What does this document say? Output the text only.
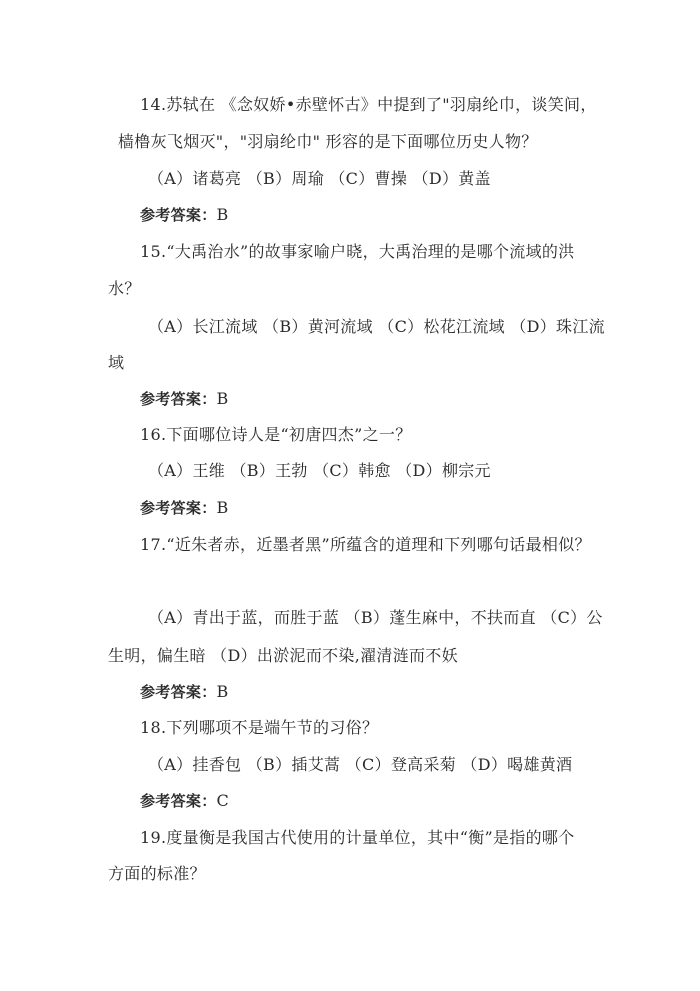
14.苏轼在 《念奴娇•赤壁怀古》中提到了"羽扇纶巾，谈笑间，
樯橹灰飞烟灭"，"羽扇纶巾" 形容的是下面哪位历史人物？
（A）诸葛亮 （B）周瑜 （C）曹操 （D）黄盖
参考答案：B
15.“大禹治水”的故事家喻户晓，大禹治理的是哪个流域的洪
水？
（A）长江流域 （B）黄河流域 （C）松花江流域 （D）珠江流
域
参考答案：B
16.下面哪位诗人是“初唐四杰”之一？
（A）王维 （B）王勃 （C）韩愈 （D）柳宗元
参考答案：B
17.“近朱者赤，近墨者黑”所蕴含的道理和下列哪句话最相似？
（A）青出于蓝，而胜于蓝 （B）蓬生麻中，不扶而直 （C）公
生明，偏生暗 （D）出淤泥而不染,濯清涟而不妖
参考答案：B
18.下列哪项不是端午节的习俗？
（A）挂香包 （B）插艾蒿 （C）登高采菊 （D）喝雄黄酒
参考答案：C
19.度量衡是我国古代使用的计量单位，其中“衡”是指的哪个
方面的标准？
